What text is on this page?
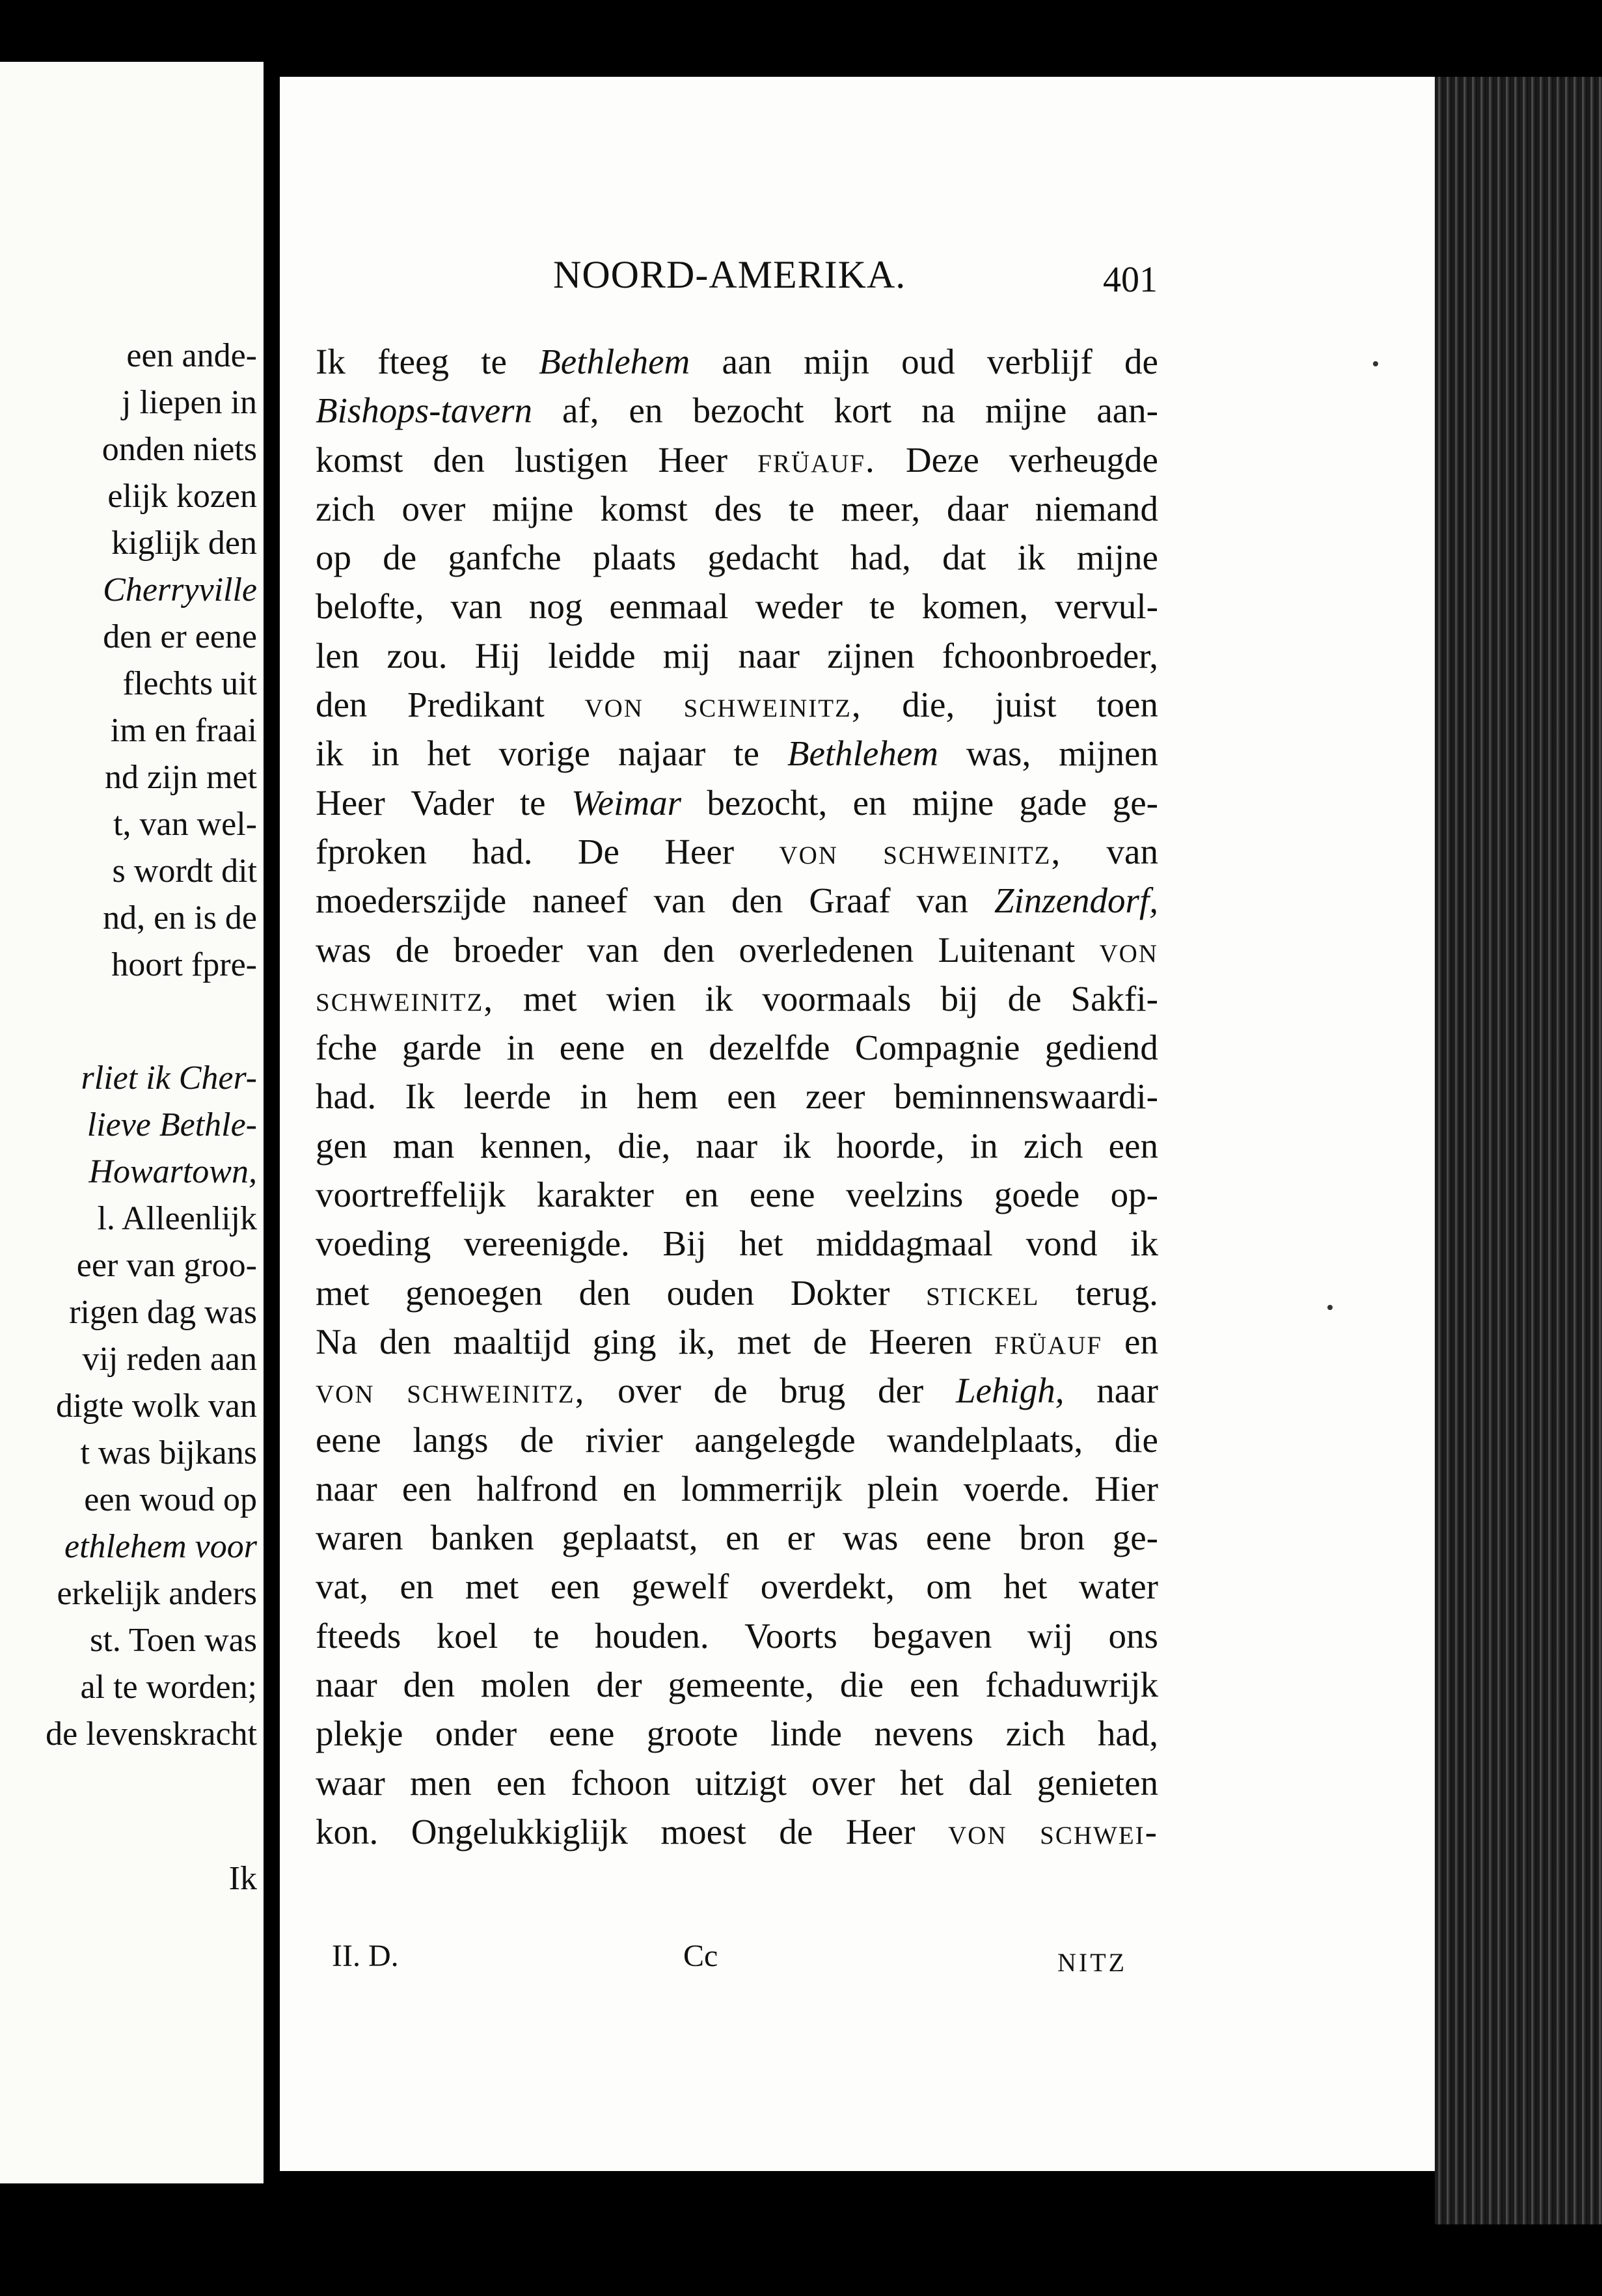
een ande-
j liepen in
onden niets
elijk kozen
kiglijk den
Cherryville
den er eene
flechts uit
im en fraai
nd zijn met
t, van wel-
s wordt dit
nd, en is de
hoort fpre-
rliet ik Cher-
lieve Bethle-
Howartown,
l. Alleenlijk
eer van groo-
rigen dag was
vij reden aan
digte wolk van
t was bijkans
een woud op
ethlehem voor
erkelijk anders
st. Toen was
al te worden;
de levenskracht
Ik
NOORD-AMERIKA.	401
Ik fteeg te Bethlehem aan mijn oud verblijf de
Bishops-tavern af, en bezocht kort na mijne aan-
komst den lustigen Heer früauf. Deze verheugde
zich over mijne komst des te meer, daar niemand
op de ganfche plaats gedacht had, dat ik mijne
belofte, van nog eenmaal weder te komen, vervul-
len zou. Hij leidde mij naar zijnen fchoonbroeder,
den Predikant von schweinitz, die, juist toen
ik in het vorige najaar te Bethlehem was, mijnen
Heer Vader te Weimar bezocht, en mijne gade ge-
fproken had. De Heer von schweinitz, van
moederszijde naneef van den Graaf van Zinzendorf,
was de broeder van den overledenen Luitenant von
schweinitz, met wien ik voormaals bij de Sakfi-
fche garde in eene en dezelfde Compagnie gediend
had. Ik leerde in hem een zeer beminnenswaardi-
gen man kennen, die, naar ik hoorde, in zich een
voortreffelijk karakter en eene veelzins goede op-
voeding vereenigde. Bij het middagmaal vond ik
met genoegen den ouden Dokter stickel terug.
Na den maaltijd ging ik, met de Heeren früauf en
von schweinitz, over de brug der Lehigh, naar
eene langs de rivier aangelegde wandelplaats, die
naar een halfrond en lommerrijk plein voerde. Hier
waren banken geplaatst, en er was eene bron ge-
vat, en met een gewelf overdekt, om het water
fteeds koel te houden. Voorts begaven wij ons
naar den molen der gemeente, die een fchaduwrijk
plekje onder eene groote linde nevens zich had,
waar men een fchoon uitzigt over het dal genieten
kon. Ongelukkiglijk moest de Heer von schwei-
II. D.	Cc	NITZ
